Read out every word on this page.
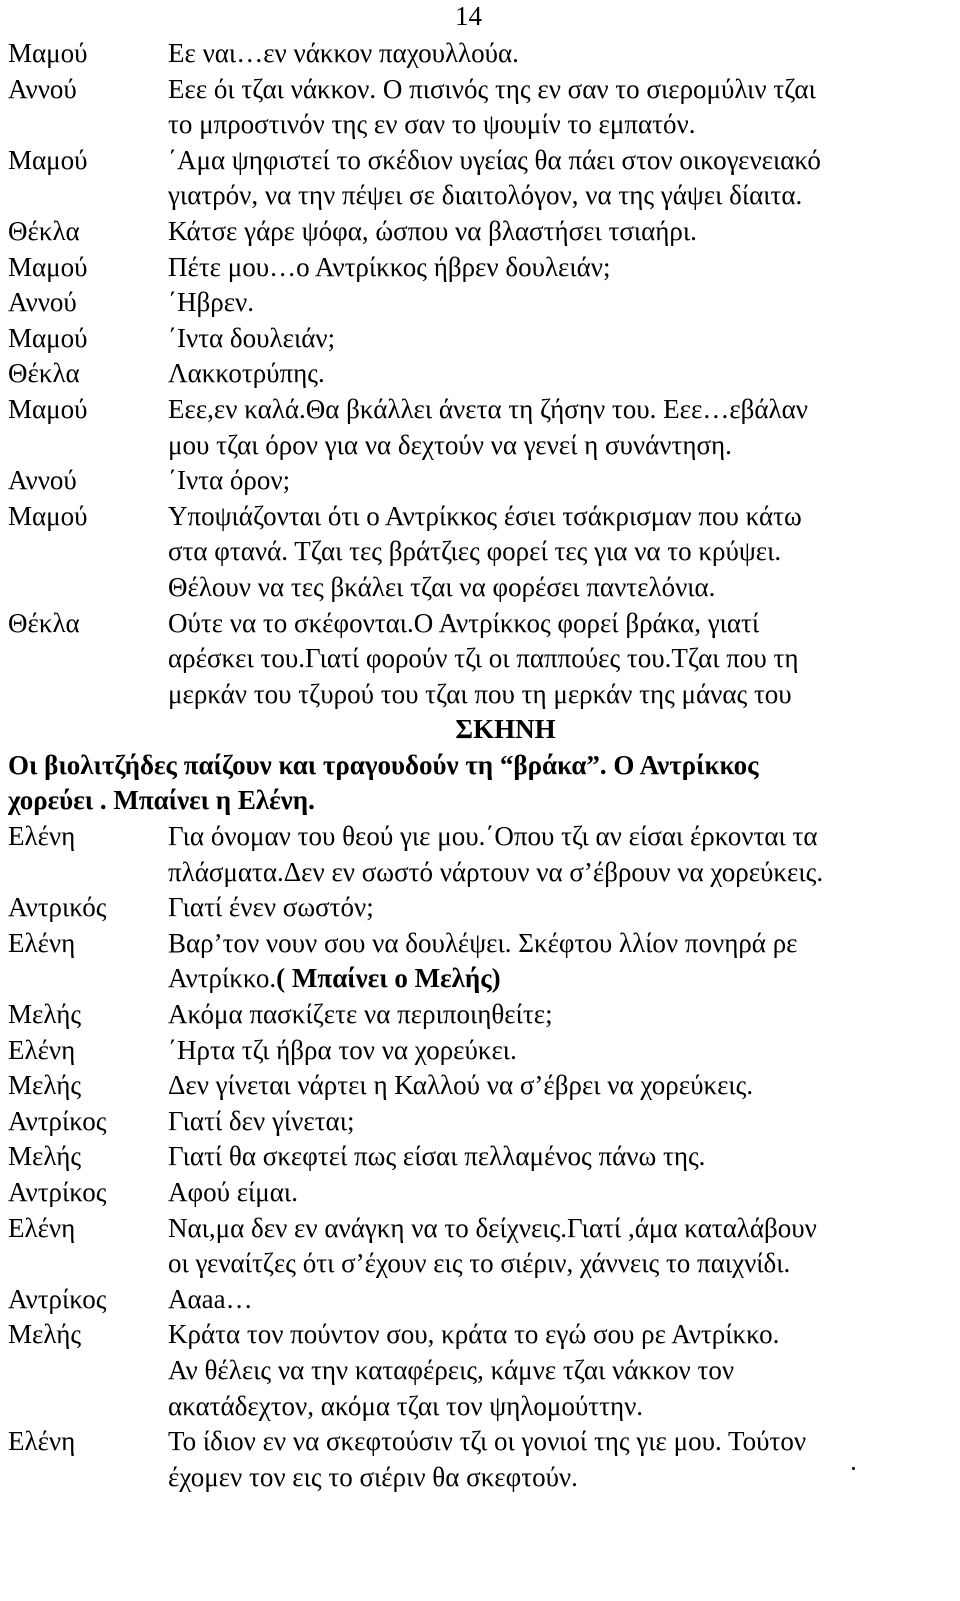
14
Μαμού	Εε ναι…εν νάκκον παχουλλούα.
Αννού	Εεε όι τζαι νάκκον. Ο πισινός της εν σαν το σιερομύλιν τζαι
το μπροστινόν της εν σαν το ψουμίν το εμπατόν.
Μαμού	΄Αμα ψηφιστεί το σκέδιον υγείας θα πάει στον οικογενειακό
γιατρόν, να την πέψει σε διαιτολόγον, να της γάψει δίαιτα.
Θέκλα	Κάτσε γάρε ψόφα, ώσπου να βλαστήσει τσιαήρι.
Μαμού	Πέτε μου…ο Αντρίκκος ήβρεν δουλειάν;
Αννού	΄Ηβρεν.
Μαμού	΄Ιντα δουλειάν;
Θέκλα	Λακκοτρύπης.
Μαμού	Εεε,εν καλά.Θα βκάλλει άνετα τη ζήσην του. Εεε…εβάλαν
μου τζαι όρον για να δεχτούν να γενεί η συνάντηση.
Αννού	΄Ιντα όρον;
Μαμού	Υποψιάζονται ότι ο Αντρίκκος έσιει τσάκρισμαν που κάτω
στα φτανά. Τζαι τες βράτζιες φορεί τες για να το κρύψει.
Θέλουν να τες βκάλει τζαι να φορέσει παντελόνια.
Θέκλα	Ούτε να το σκέφονται.Ο Αντρίκκος φορεί βράκα, γιατί
αρέσκει του.Γιατί φορούν τζι οι παππούες του.Τζαι που τη
μερκάν του τζυρού του τζαι που τη μερκάν της μάνας του
ΣΚΗΝΗ
Οι βιολιτζήδες παίζουν και τραγουδούν τη “βράκα”. Ο Αντρίκκος
χορεύει . Μπαίνει η Ελένη.
Ελένη	Για όνομαν του θεού γιε μου.΄Οπου τζι αν είσαι έρκονται τα
πλάσματα.Δεν εν σωστό νάρτουν να σ’έβρουν να χορεύκεις.
Αντρικός	Γιατί ένεν σωστόν;
Ελένη	Βαρ’τον νουν σου να δουλέψει. Σκέφτου λλίον πονηρά ρε
Αντρίκκο.( Μπαίνει ο Μελής)
Μελής	Ακόμα πασκίζετε να περιποιηθείτε;
Ελένη	΄Ηρτα τζι ήβρα τον να χορεύκει.
Μελής	Δεν γίνεται νάρτει η Καλλού να σ’έβρει να χορεύκεις.
Αντρίκος	Γιατί δεν γίνεται;
Μελής	Γιατί θα σκεφτεί πως είσαι πελλαμένος πάνω της.
Αντρίκος	Αφού είμαι.
Ελένη	Ναι,μα δεν εν ανάγκη να το δείχνεις.Γιατί ,άμα καταλάβουν
οι γεναίτζες ότι σ’έχουν εις το σιέριν, χάννεις το παιχνίδι.
Αντρίκος	Ααaa…
Μελής	Κράτα τον πούντον σου, κράτα το εγώ σου ρε Αντρίκκο.
Αν θέλεις να την καταφέρεις, κάμνε τζαι νάκκον τον
ακατάδεχτον, ακόμα τζαι τον ψηλομούττην.
Ελένη	Το ίδιον εν να σκεφτούσιν τζι οι γονιοί της γιε μου. Τούτον
έχομεν τον εις το σιέριν θα σκεφτούν.
